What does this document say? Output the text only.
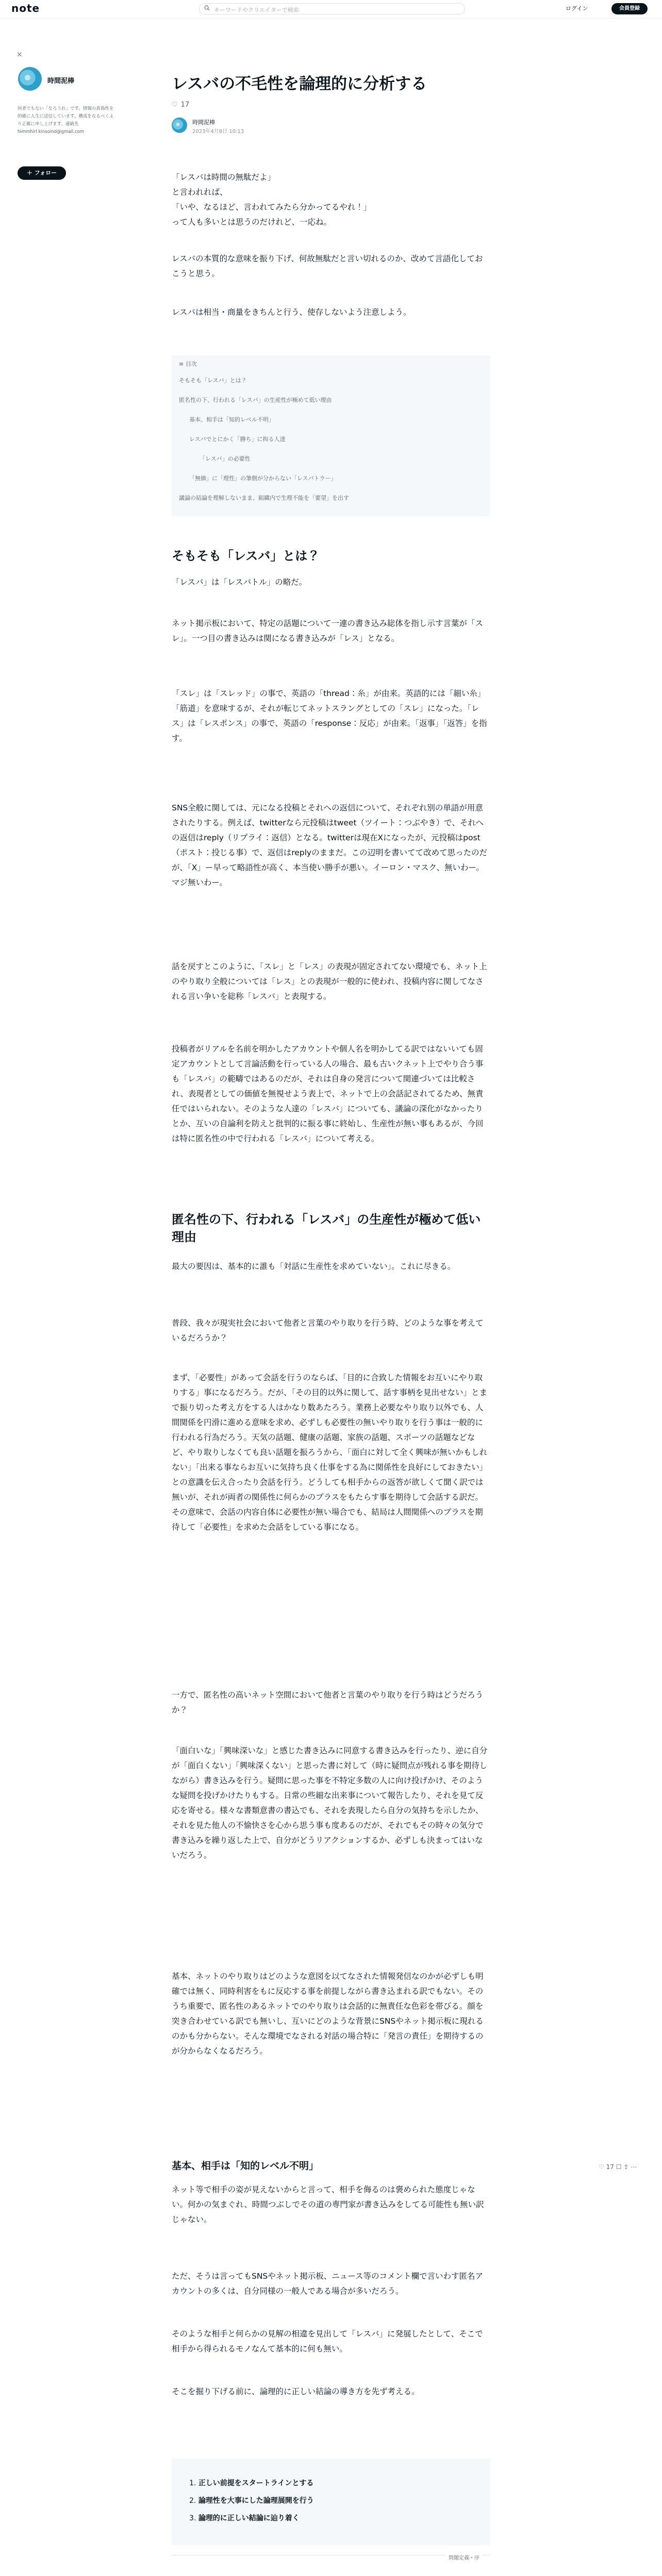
note	キーワードやクリエイターで検索	ログイン	会員登録
×
時間泥棒
何者でもない「なろうれ」です。情報の真偽性を的確に人生に送信しています。構成をなるべくより正確に申し上げます。連絡先
himmhirl.kinsoind@gmail.com
＋ フォロー
レスバの不毛性を論理的に分析する
♡ 17
時間泥棒
2023年4月8日 10:13
「レスバは時間の無駄だよ」
と言われれば、
「いや、なるほど、言われてみたら分かってるやれ！」
って人も多いとは思うのだけれど、一応ね。
レスバの本質的な意味を振り下げ、何故無駄だと言い切れるのか、改めて言語化しておこうと思う。
レスバは相当・商量をきちんと行う、使存しないよう注意しよう。
≡ 目次
そもそも「レスバ」とは？
匿名性の下、行われる「レスバ」の生産性が極めて低い理由
基本、相手は「知的レベル不明」
レスバでとにかく「勝ち」に拘る人達
「レスバ」の必要性
「無価」に「理性」の筆側が分からない「レスバトラー」
議論の結論を理解しないまま、組織内で生理不能を「要望」を出す
そもそも「レスバ」とは？
「レスバ」は「レスバトル」の略だ。
ネット掲示板において、特定の話題について一連の書き込み総体を指し示す言葉が「スレ」。一つ目の書き込みは関になる書き込みが「レス」となる。
「スレ」は「スレッド」の事で、英語の「thread：糸」が由来。英語的には「細い糸」「筋道」を意味するが、それが転じてネットスラングとしての「スレ」になった。「レス」は「レスポンス」の事で、英語の「response：反応」が由来。「返事」「返答」を指す。
SNS全般に関しては、元になる投稿とそれへの返信について、それぞれ別の単語が用意されたりする。例えば、twitterなら元投稿はtweet（ツイート：つぶやき）で、それへの返信はreply（リプライ：返信）となる。twitterは現在Xになったが、元投稿はpost（ポスト：投じる事）で、返信はreplyのままだ。この辺明を書いてて改めて思ったのだが、「X」ー早って略語性が高く、本当使い勝手が悪い。イーロン・マスク、無いわー。マジ無いわー。
話を戻すとこのように、「スレ」と「レス」の表現が固定されてない環境でも、ネット上のやり取り全般については「レス」との表現が一般的に使われ、投稿内容に関してなされる言い争いを総称「レスバ」と表現する。
投稿者がリアルを名前を明かしたアカウントや個人名を明かしてる訳ではないいても固定アカウントとして言論活動を行っている人の場合、最も古いクネット上でやり合う事も「レスバ」の範疇ではあるのだが、それは自身の発言について関連づいては比較され、表現者としての価値を無視せよう表上で、ネットで上の会話記されてるため、無責任ではいられない。そのような人達の「レスバ」についても、議論の深化がなかったりとか、互いの自論利を防えと批判的に振る事に終始し、生産性が無い事もあるが、今回は特に匿名性の中で行われる「レスバ」について考える。
匿名性の下、行われる「レスバ」の生産性が極めて低い理由
最大の要因は、基本的に誰も「対話に生産性を求めていない」。これに尽きる。
普段、我々が現実社会において他者と言葉のやり取りを行う時、どのような事を考えているだろうか？
まず、「必要性」があって会話を行うのならば、「目的に合致した情報をお互いにやり取りする」事になるだろう。だが、「その目的以外に関して、話す事柄を見出せない」とまで振り切った考え方をする人はかなり数あたろう。業務上必要なやり取り以外でも、人間関係を円滑に進める意味を求め、必ずしも必要性の無いやり取りを行う事は一般的に行われる行為だろう。天気の話題、健康の話題、家族の話題、スポーツの話題などなど、やり取りしなくても良い話題を振ろうから、「面白に対して全く興味が無いかもしれない」「出来る事ならお互いに気持ち良く仕事をする為に関係性を良好にしておきたい」との意識を伝え合ったり会話を行う。どうしても相手からの返答が欲しくて聞く訳では無いが、それが両者の関係性に何らかのプラスをもたらす事を期待して会話する訳だ。その意味で、会話の内容自体に必要性が無い場合でも、結局は人間関係へのプラスを期待して「必要性」を求めた会話をしている事になる。
一方で、匿名性の高いネット空間において他者と言葉のやり取りを行う時はどうだろうか？
「面白いな」「興味深いな」と感じた書き込みに同意する書き込みを行ったり、逆に自分が「面白くない」「興味深くない」と思った書に対して（時に疑問点が残れる事を期待しながら）書き込みを行う。疑問に思った事を不特定多数の人に向け投げかけ、そのような疑問を投げかけたりもする。日常の些細な出来事について報告したり、それを見て反応を寄せる。様々な書類意書の書込でも、それを表現したら自分の気持ちを示したか、それを見た他人の不愉快さを心から思う事も度あるのだが、それでもその時々の気分で書き込みを繰り返した上で、自分がどうリアクションするか、必ずしも決まってはいないだろう。
基本、ネットのやり取りはどのような意図を以てなされた情報発信なのかが必ずしも明確では無く、同時利害をもに反応する事を前提しながら書き込まれる訳でもない。そのうち重要で、匿名性のあるネットでのやり取りは会話的に無責任な色彩を帯びる。顔を突き合わせている訳でも無いし、互いにどのような背景にSNSやネット掲示板に現れるのかも分からない。そんな環境でなされる対話の場合特に「発言の責任」を期待するのが分からなくなるだろう。
基本、相手は「知的レベル不明」
ネット等で相手の姿が見えないからと言って、相手を侮るのは褒められた態度じゃない。何かの気まぐれ、時間つぶしでその道の専門家が書き込みをしてる可能性も無い訳じゃない。
ただ、そうは言ってもSNSやネット掲示板、ニュース等のコメント欄で言いわす匿名アカウントの多くは、自分同様の一般人である場合が多いだろう。
そのような相手と何らかの見解の相違を見出して「レスバ」に発展したとして、そこで相手から得られるモノなんて基本的に何も無い。
そこを掘り下げる前に、論理的に正しい結論の導き方を先ず考える。
1. 正しい前提をスタートラインとする
2. 論理性を大事にした論理展開を行う
3. 論理的に正しい結論に辿り着く
問題定義・序
♡ 17 ☐ ⇪ ⋯
